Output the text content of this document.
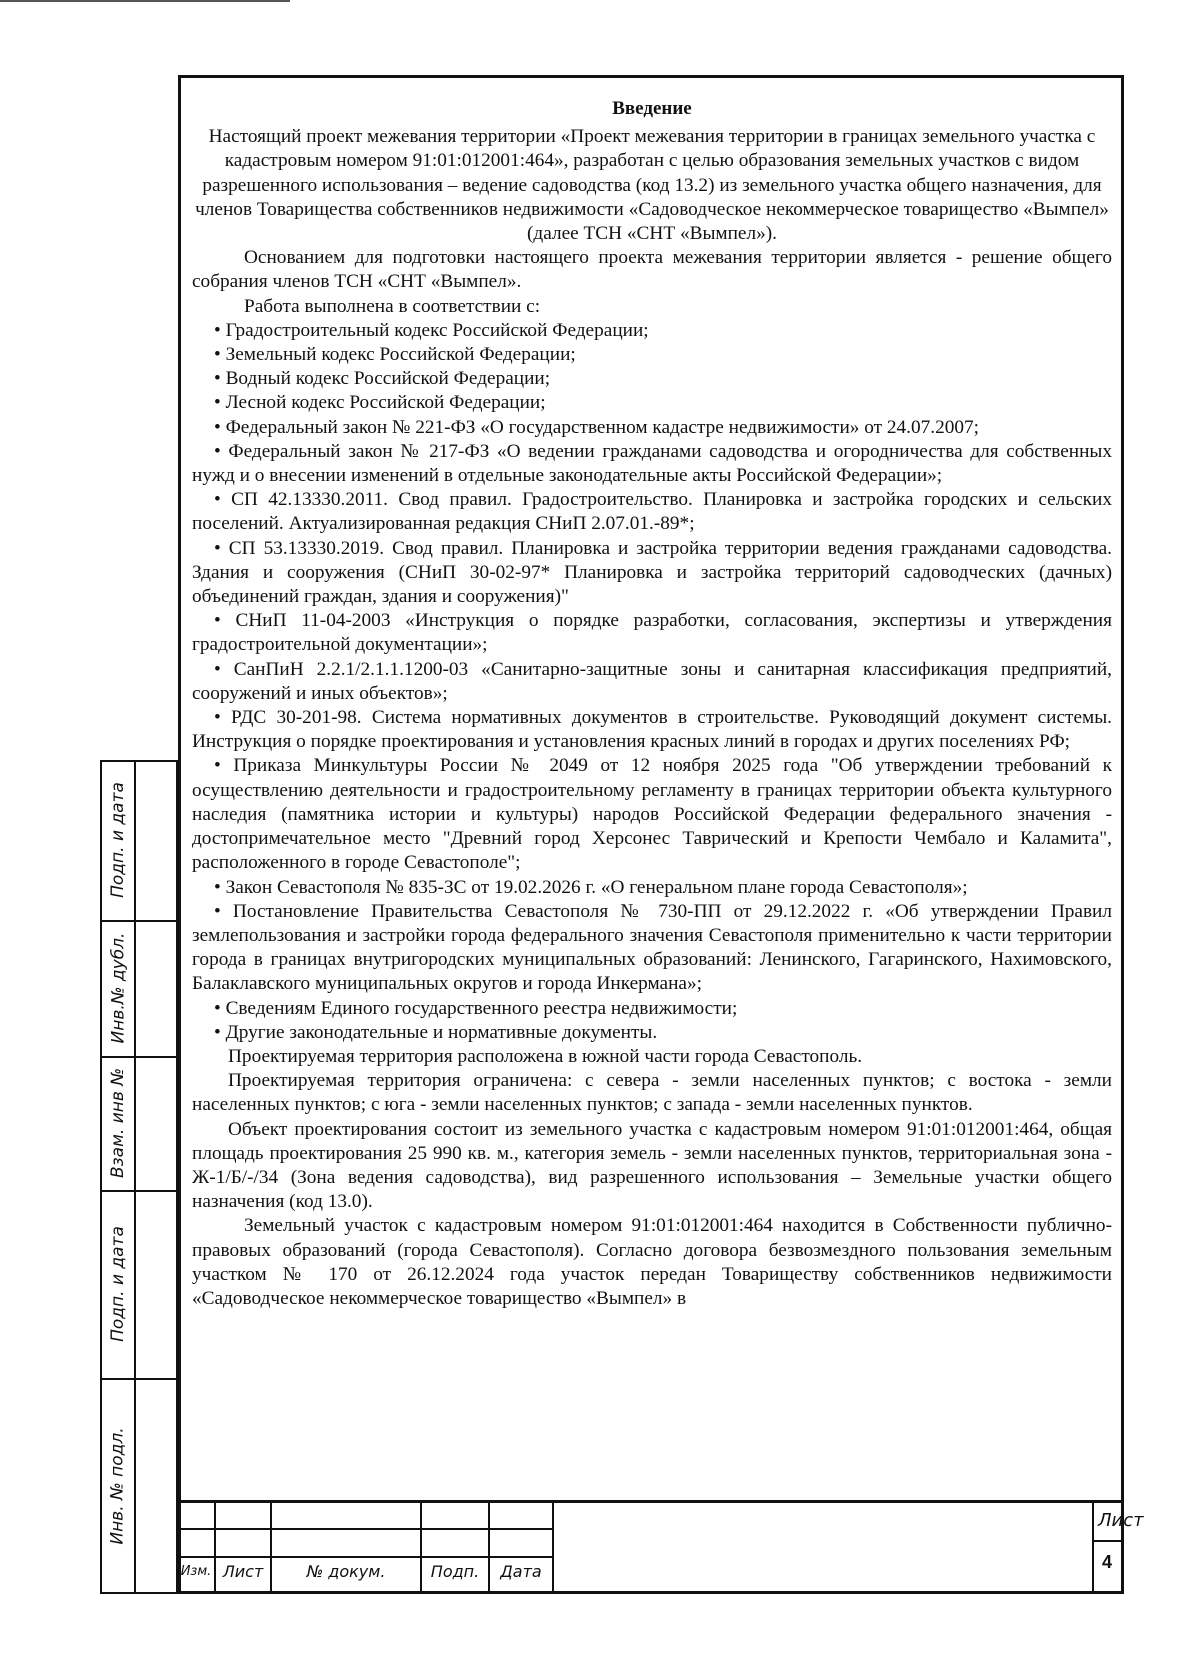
Введение

Настоящий проект межевания территории «Проект межевания территории в границах земельного участка с кадастровым номером 91:01:012001:464», разработан с целью образования земельных участков с видом разрешенного использования – ведение садоводства (код 13.2) из земельного участка общего назначения, для членов Товарищества собственников недвижимости «Садоводческое некоммерческое товарищество «Вымпел» (далее ТСН «СНТ «Вымпел»).

Основанием для подготовки настоящего проекта межевания территории является - решение общего собрания членов ТСН «СНТ «Вымпел».

Работа выполнена в соответствии с:

• Градостроительный кодекс Российской Федерации;

• Земельный кодекс Российской Федерации;

• Водный кодекс Российской Федерации;

• Лесной кодекс Российской Федерации;

• Федеральный закон № 221-ФЗ «О государственном кадастре недвижимости» от 24.07.2007;

• Федеральный закон № 217-ФЗ «О ведении гражданами садоводства и огородничества для собственных нужд и о внесении изменений в отдельные законодательные акты Российской Федерации»;

• СП 42.13330.2011. Свод правил. Градостроительство. Планировка и застройка городских и сельских поселений. Актуализированная редакция СНиП 2.07.01.-89*;

• СП 53.13330.2019. Свод правил. Планировка и застройка территории ведения гражданами садоводства. Здания и сооружения (СНиП 30-02-97* Планировка и застройка территорий садоводческих (дачных) объединений граждан, здания и сооружения)"

• СНиП 11-04-2003 «Инструкция о порядке разработки, согласования, экспертизы и утверждения градостроительной документации»;

• СанПиН 2.2.1/2.1.1.1200-03 «Санитарно-защитные зоны и санитарная классификация предприятий, сооружений и иных объектов»;

• РДС 30-201-98. Система нормативных документов в строительстве. Руководящий документ системы. Инструкция о порядке проектирования и установления красных линий в городах и других поселениях РФ;

• Приказа Минкультуры России № 2049 от 12 ноября 2025 года "Об утверждении требований к осуществлению деятельности и градостроительному регламенту в границах территории объекта культурного наследия (памятника истории и культуры) народов Российской Федерации федерального значения - достопримечательное место "Древний город Херсонес Таврический и Крепости Чембало и Каламита", расположенного в городе Севастополе";

• Закон Севастополя № 835-ЗС от 19.02.2026 г. «О генеральном плане города Севастополя»;

• Постановление Правительства Севастополя № 730-ПП от 29.12.2022 г. «Об утверждении Правил землепользования и застройки города федерального значения Севастополя применительно к части территории города в границах внутригородских муниципальных образований: Ленинского, Гагаринского, Нахимовского, Балаклавского муниципальных округов и города Инкермана»;

• Сведениям Единого государственного реестра недвижимости;

• Другие законодательные и нормативные документы.

Проектируемая территория расположена в южной части города Севастополь.

Проектируемая территория ограничена: с севера - земли населенных пунктов; с востока - земли населенных пунктов; с юга - земли населенных пунктов; с запада - земли населенных пунктов.

Объект проектирования состоит из земельного участка с кадастровым номером 91:01:012001:464, общая площадь проектирования 25 990 кв. м., категория земель - земли населенных пунктов, территориальная зона - Ж-1/Б/-/34 (Зона ведения садоводства), вид разрешенного использования – Земельные участки общего назначения (код 13.0).

Земельный участок с кадастровым номером 91:01:012001:464 находится в Собственности публично-правовых образований (города Севастополя). Согласно договора безвозмездного пользования земельным участком № 170 от 26.12.2024 года участок передан Товариществу собственников недвижимости «Садоводческое некоммерческое товарищество «Вымпел» в

Подп. и дата
Инв.№ дубл.
Взам. инв №
Подп. и дата
Инв. № подл.
Изм. Лист	№ докум.	Подп.	Дата
Лист
4
